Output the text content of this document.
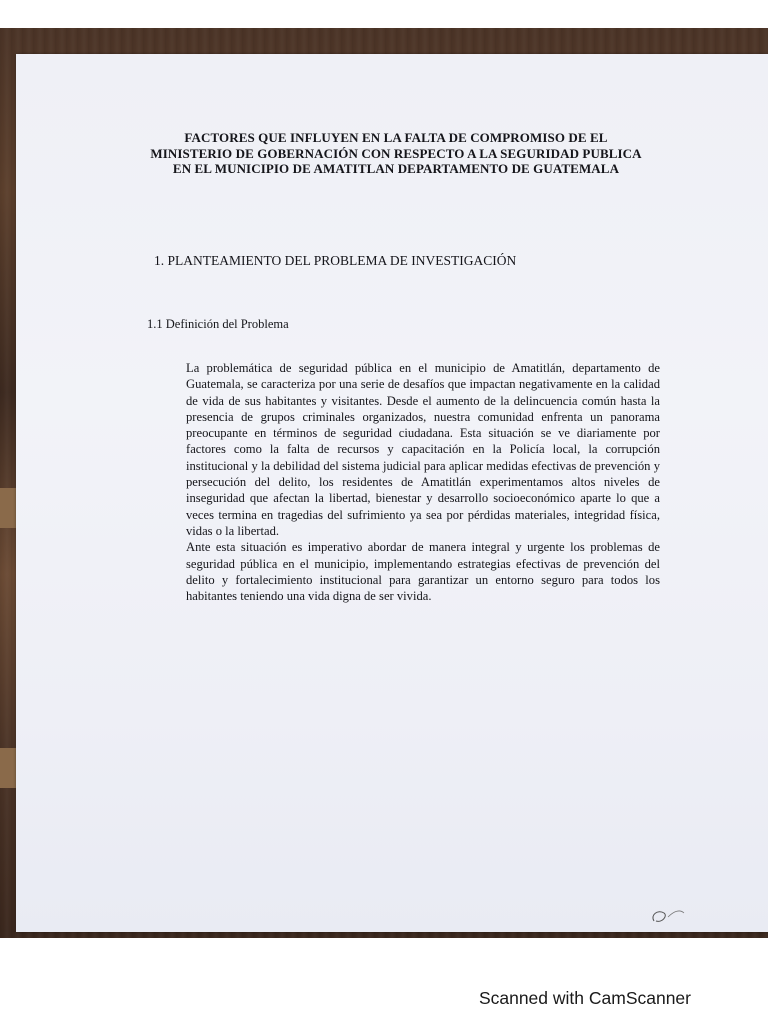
FACTORES QUE INFLUYEN EN LA FALTA DE COMPROMISO DE EL MINISTERIO DE GOBERNACIÓN CON RESPECTO A LA SEGURIDAD PUBLICA EN EL MUNICIPIO DE AMATITLAN DEPARTAMENTO DE GUATEMALA
1. PLANTEAMIENTO DEL PROBLEMA DE INVESTIGACIÓN
1.1 Definición del Problema

La problemática de seguridad pública en el municipio de Amatitlán, departamento de Guatemala, se caracteriza por una serie de desafíos que impactan negativamente en la calidad de vida de sus habitantes y visitantes. Desde el aumento de la delincuencia común hasta la presencia de grupos criminales organizados, nuestra comunidad enfrenta un panorama preocupante en términos de seguridad ciudadana. Esta situación se ve diariamente por factores como la falta de recursos y capacitación en la Policía local, la corrupción institucional y la debilidad del sistema judicial para aplicar medidas efectivas de prevención y persecución del delito, los residentes de Amatitlán experimentamos altos niveles de inseguridad que afectan la libertad, bienestar y desarrollo socioeconómico aparte lo que a veces termina en tragedias del sufrimiento ya sea por pérdidas materiales, integridad física, vidas o la libertad.

Ante esta situación es imperativo abordar de manera integral y urgente los problemas de seguridad pública en el municipio, implementando estrategias efectivas de prevención del delito y fortalecimiento institucional para garantizar un entorno seguro para todos los habitantes teniendo una vida digna de ser vivida.

Scanned with CamScanner
